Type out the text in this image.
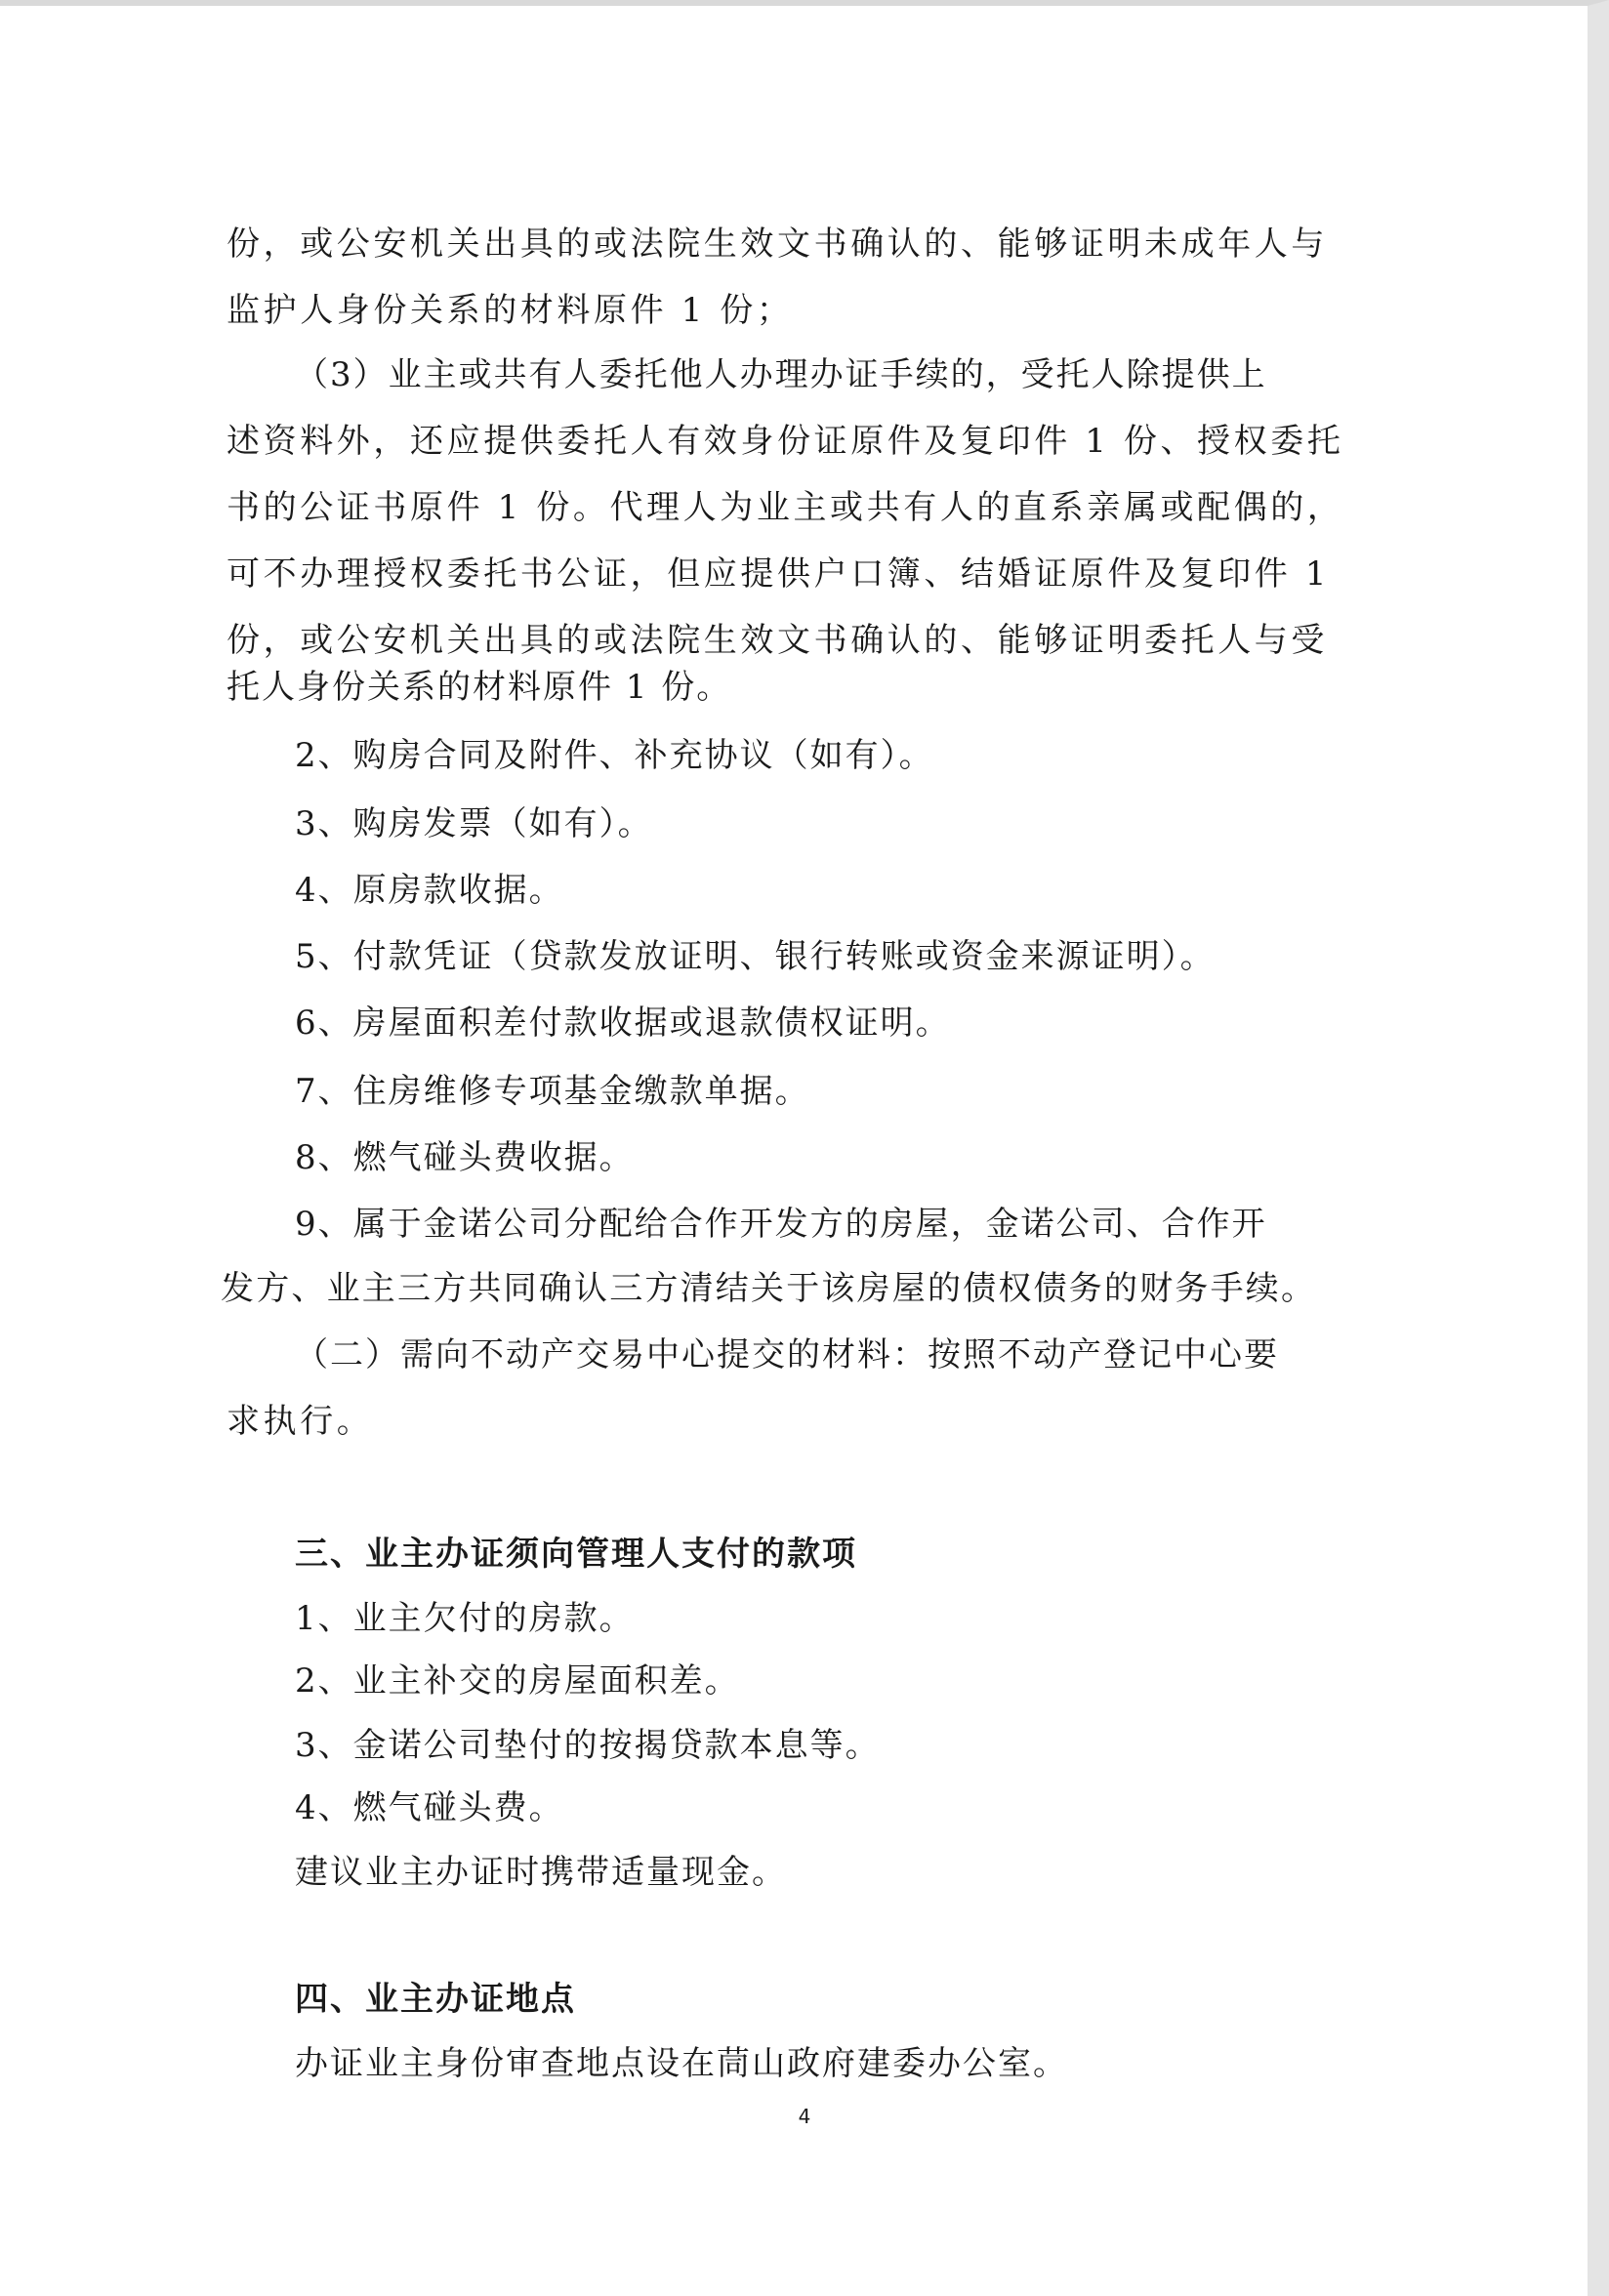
份，或公安机关出具的或法院生效文书确认的、能够证明未成年人与
监护人身份关系的材料原件 1 份；
（3）业主或共有人委托他人办理办证手续的，受托人除提供上
述资料外，还应提供委托人有效身份证原件及复印件 1 份、授权委托
书的公证书原件 1 份。代理人为业主或共有人的直系亲属或配偶的，
可不办理授权委托书公证，但应提供户口簿、结婚证原件及复印件 1
份，或公安机关出具的或法院生效文书确认的、能够证明委托人与受
托人身份关系的材料原件 1 份。
2、购房合同及附件、补充协议（如有）。
3、购房发票（如有）。
4、原房款收据。
5、付款凭证（贷款发放证明、银行转账或资金来源证明）。
6、房屋面积差付款收据或退款债权证明。
7、住房维修专项基金缴款单据。
8、燃气碰头费收据。
9、属于金诺公司分配给合作开发方的房屋，金诺公司、合作开
发方、业主三方共同确认三方清结关于该房屋的债权债务的财务手续。
（二）需向不动产交易中心提交的材料：按照不动产登记中心要
求执行。
三、业主办证须向管理人支付的款项
1、业主欠付的房款。
2、业主补交的房屋面积差。
3、金诺公司垫付的按揭贷款本息等。
4、燃气碰头费。
建议业主办证时携带适量现金。
四、业主办证地点
办证业主身份审查地点设在茼山政府建委办公室。
4
